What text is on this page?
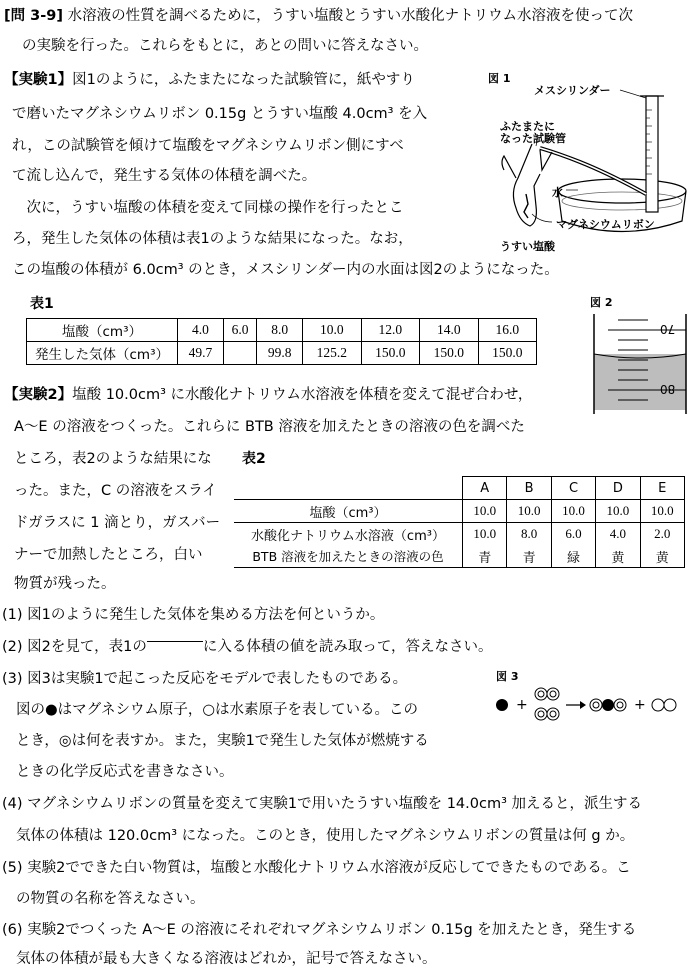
[問 3-9] 水溶液の性質を調べるために，うすい塩酸とうすい水酸化ナトリウム水溶液を使って次
の実験を行った。これらをもとに，あとの問いに答えなさい。
【実験1】図1のように，ふたまたになった試験管に，紙やすり
で磨いたマグネシウムリボン 0.15g とうすい塩酸 4.0cm³ を入
れ，この試験管を傾けて塩酸をマグネシウムリボン側にすべ
て流し込んで，発生する気体の体積を調べた。
　次に，うすい塩酸の体積を変えて同様の操作を行ったとこ
ろ，発生した気体の体積は表1のような結果になった。なお，
この塩酸の体積が 6.0cm³ のとき，メスシリンダー内の水面は図2のようになった。
図 1
メスシリンダー
ふたまたに
なった試験管
水
マグネシウムリボン
うすい塩酸
表1
塩酸（cm³）	4.0	6.0	8.0	10.0	12.0	14.0	16.0
発生した気体（cm³）	49.7		99.8	125.2	150.0	150.0	150.0
図 2
70
80
【実験2】塩酸 10.0cm³ に水酸化ナトリウム水溶液を体積を変えて混ぜ合わせ，
A～E の溶液をつくった。これらに BTB 溶液を加えたときの溶液の色を調べた
ところ，表2のような結果にな
った。また，C の溶液をスライ
ドガラスに 1 滴とり，ガスバー
ナーで加熱したところ，白い
物質が残った。
表2
	A	B	C	D	E
塩酸（cm³）	10.0	10.0	10.0	10.0	10.0
水酸化ナトリウム水溶液（cm³）	10.0	8.0	6.0	4.0	2.0
BTB 溶液を加えたときの溶液の色	青	青	緑	黄	黄
(1) 図1のように発生した気体を集める方法を何というか。
(2) 図2を見て，表1の	に入る体積の値を読み取って，答えなさい。
(3) 図3は実験1で起こった反応をモデルで表したものである。
図の●はマグネシウム原子，○は水素原子を表している。この
とき，◎は何を表すか。また，実験1で発生した気体が燃焼する
ときの化学反応式を書きなさい。
図 3
+	+
(4) マグネシウムリボンの質量を変えて実験1で用いたうすい塩酸を 14.0cm³ 加えると，派生する
気体の体積は 120.0cm³ になった。このとき，使用したマグネシウムリボンの質量は何 g か。
(5) 実験2でできた白い物質は，塩酸と水酸化ナトリウム水溶液が反応してできたものである。こ
の物質の名称を答えなさい。
(6) 実験2でつくった A～E の溶液にそれぞれマグネシウムリボン 0.15g を加えたとき，発生する
気体の体積が最も大きくなる溶液はどれか，記号で答えなさい。
